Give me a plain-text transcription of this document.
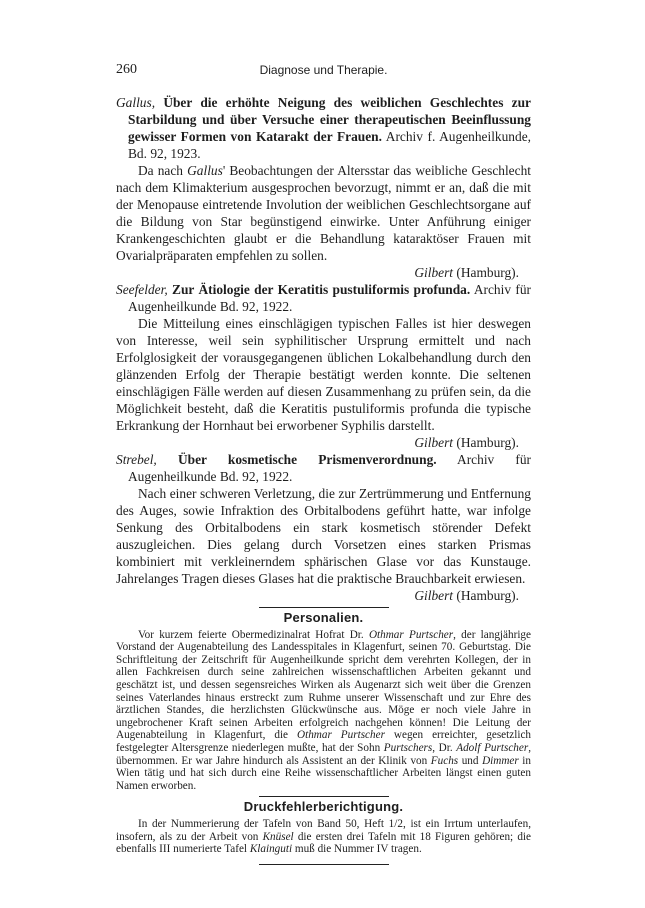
260	Diagnose und Therapie.

Gallus, Über die erhöhte Neigung des weiblichen Geschlechtes zur Starbildung und über Versuche einer therapeutischen Beeinflussung gewisser Formen von Katarakt der Frauen. Archiv f. Augenheilkunde, Bd. 92, 1923.

Da nach Gallus' Beobachtungen der Altersstar das weibliche Geschlecht nach dem Klimakterium ausgesprochen bevorzugt, nimmt er an, daß die mit der Menopause eintretende Involution der weiblichen Geschlechtsorgane auf die Bildung von Star begünstigend einwirke. Unter Anführung einiger Krankengeschichten glaubt er die Behandlung kataraktöser Frauen mit Ovarialpräparaten empfehlen zu sollen.

Gilbert (Hamburg).

Seefelder, Zur Ätiologie der Keratitis pustuliformis profunda. Archiv für Augenheilkunde Bd. 92, 1922.

Die Mitteilung eines einschlägigen typischen Falles ist hier deswegen von Interesse, weil sein syphilitischer Ursprung ermittelt und nach Erfolglosigkeit der vorausgegangenen üblichen Lokalbehandlung durch den glänzenden Erfolg der Therapie bestätigt werden konnte. Die seltenen einschlägigen Fälle werden auf diesen Zusammenhang zu prüfen sein, da die Möglichkeit besteht, daß die Keratitis pustuliformis profunda die typische Erkrankung der Hornhaut bei erworbener Syphilis darstellt.

Gilbert (Hamburg).

Strebel, Über kosmetische Prismenverordnung. Archiv für Augenheilkunde Bd. 92, 1922.

Nach einer schweren Verletzung, die zur Zertrümmerung und Entfernung des Auges, sowie Infraktion des Orbitalbodens geführt hatte, war infolge Senkung des Orbitalbodens ein stark kosmetisch störender Defekt auszugleichen. Dies gelang durch Vorsetzen eines starken Prismas kombiniert mit verkleinerndem sphärischen Glase vor das Kunstauge. Jahrelanges Tragen dieses Glases hat die praktische Brauchbarkeit erwiesen.

Gilbert (Hamburg).

Personalien.

Vor kurzem feierte Obermedizinalrat Hofrat Dr. Othmar Purtscher, der langjährige Vorstand der Augenabteilung des Landesspitales in Klagenfurt, seinen 70. Geburtstag. Die Schriftleitung der Zeitschrift für Augenheilkunde spricht dem verehrten Kollegen, der in allen Fachkreisen durch seine zahlreichen wissenschaftlichen Arbeiten gekannt und geschätzt ist, und dessen segensreiches Wirken als Augenarzt sich weit über die Grenzen seines Vaterlandes hinaus erstreckt zum Ruhme unserer Wissenschaft und zur Ehre des ärztlichen Standes, die herzlichsten Glückwünsche aus. Möge er noch viele Jahre in ungebrochener Kraft seinen Arbeiten erfolgreich nachgehen können! Die Leitung der Augenabteilung in Klagenfurt, die Othmar Purtscher wegen erreichter, gesetzlich festgelegter Altersgrenze niederlegen mußte, hat der Sohn Purtschers, Dr. Adolf Purtscher, übernommen. Er war Jahre hindurch als Assistent an der Klinik von Fuchs und Dimmer in Wien tätig und hat sich durch eine Reihe wissenschaftlicher Arbeiten längst einen guten Namen erworben.

Druckfehlerberichtigung.

In der Nummerierung der Tafeln von Band 50, Heft 1/2, ist ein Irrtum unterlaufen, insofern, als zu der Arbeit von Knüsel die ersten drei Tafeln mit 18 Figuren gehören; die ebenfalls III numerierte Tafel Klainguti muß die Nummer IV tragen.
